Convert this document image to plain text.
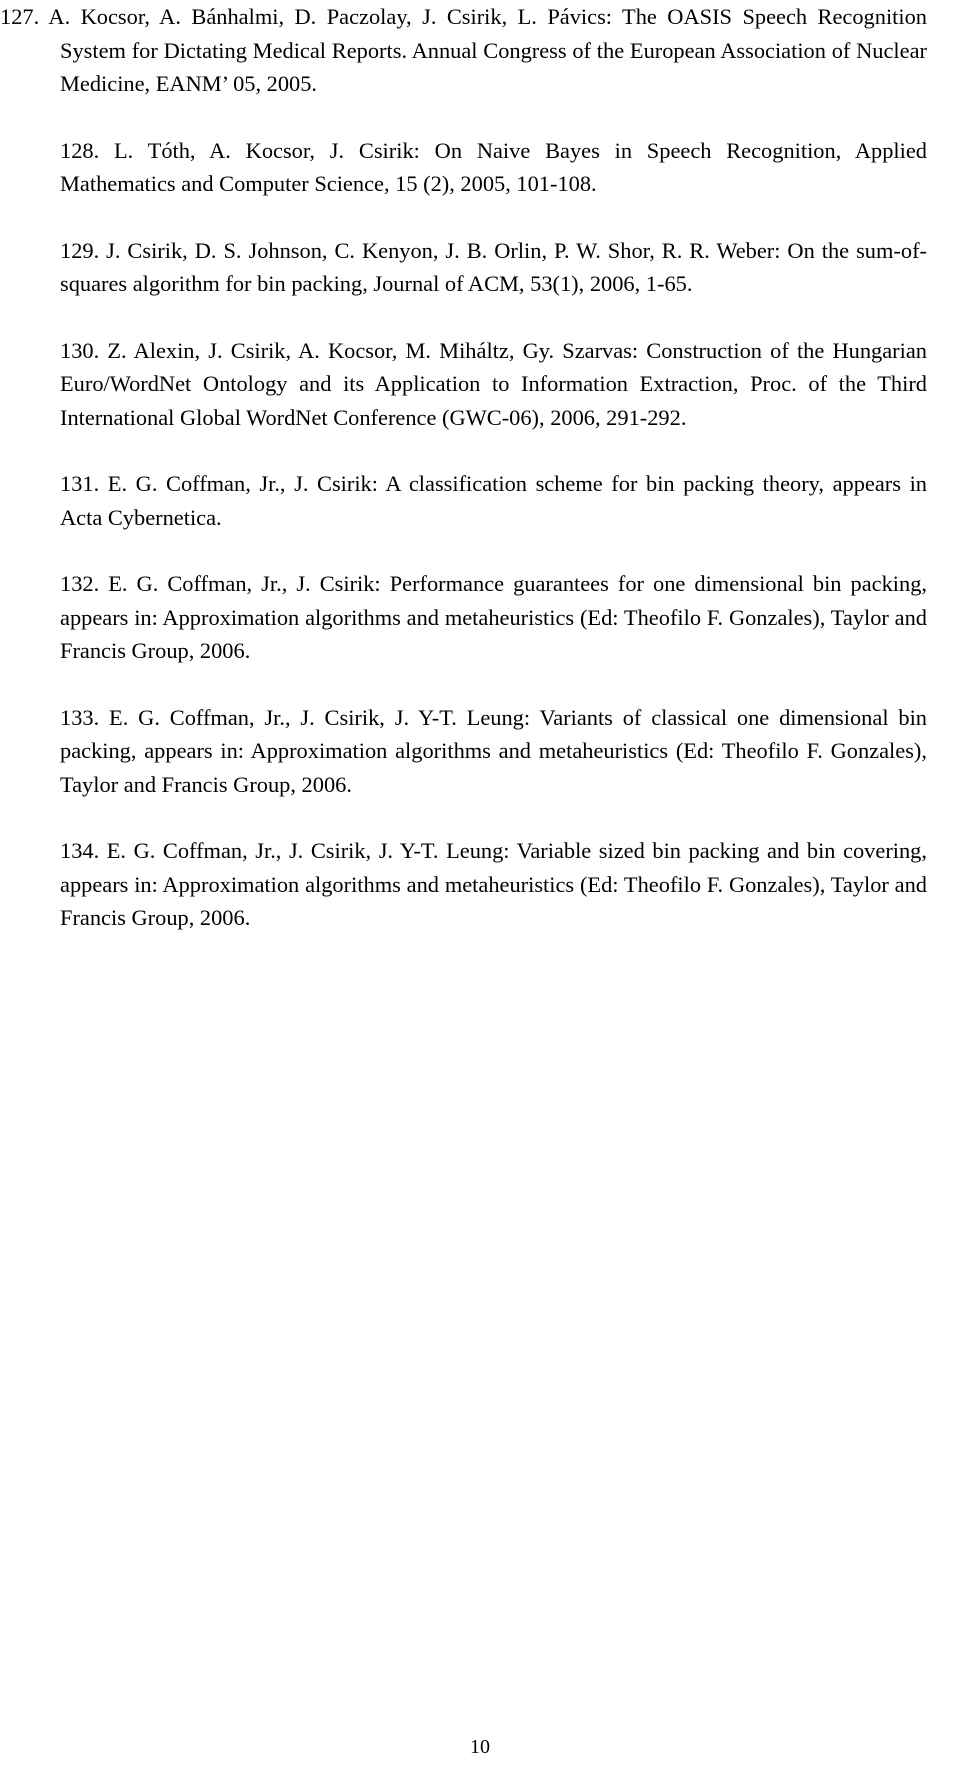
127. A. Kocsor, A. Bánhalmi, D. Paczolay, J. Csirik, L. Pávics: The OASIS Speech Recognition System for Dictating Medical Reports. Annual Congress of the European Association of Nuclear Medicine, EANM’ 05, 2005.
128. L. Tóth, A. Kocsor, J. Csirik: On Naive Bayes in Speech Recognition, Applied Mathematics and Computer Science, 15 (2), 2005, 101-108.
129. J. Csirik, D. S. Johnson, C. Kenyon, J. B. Orlin, P. W. Shor, R. R. Weber: On the sum-of-squares algorithm for bin packing, Journal of ACM, 53(1), 2006, 1-65.
130. Z. Alexin, J. Csirik, A. Kocsor, M. Miháltz, Gy. Szarvas: Construction of the Hungarian Euro/WordNet Ontology and its Application to Information Extraction, Proc. of the Third International Global WordNet Conference (GWC-06), 2006, 291-292.
131. E. G. Coffman, Jr., J. Csirik: A classification scheme for bin packing theory, appears in Acta Cybernetica.
132. E. G. Coffman, Jr., J. Csirik: Performance guarantees for one dimensional bin packing, appears in: Approximation algorithms and metaheuristics (Ed: Theofilo F. Gonzales), Taylor and Francis Group, 2006.
133. E. G. Coffman, Jr., J. Csirik, J. Y-T. Leung: Variants of classical one dimensional bin packing, appears in: Approximation algorithms and metaheuristics (Ed: Theofilo F. Gonzales), Taylor and Francis Group, 2006.
134. E. G. Coffman, Jr., J. Csirik, J. Y-T. Leung: Variable sized bin packing and bin covering, appears in: Approximation algorithms and metaheuristics (Ed: Theofilo F. Gonzales), Taylor and Francis Group, 2006.
10
